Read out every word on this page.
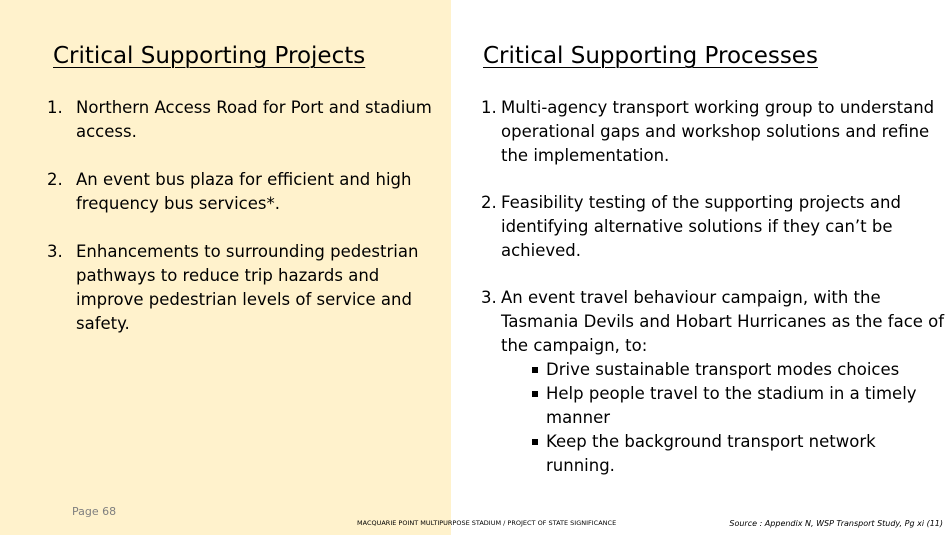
Critical Supporting Projects	Critical Supporting Processes
1. Northern Access Road for Port and stadium access.
2. An event bus plaza for efficient and high frequency bus services*.
3. Enhancements to surrounding pedestrian pathways to reduce trip hazards and improve pedestrian levels of service and safety.
1. Multi-agency transport working group to understand operational gaps and workshop solutions and refine the implementation.
2. Feasibility testing of the supporting projects and identifying alternative solutions if they can’t be achieved.
3. An event travel behaviour campaign, with the Tasmania Devils and Hobart Hurricanes as the face of the campaign, to:
Drive sustainable transport modes choices
Help people travel to the stadium in a timely manner
Keep the background transport network running.
Page 68
MACQUARIE POINT MULTIPURPOSE STADIUM / PROJECT OF STATE SIGNIFICANCE	Source : Appendix N, WSP Transport Study, Pg xi (11)
